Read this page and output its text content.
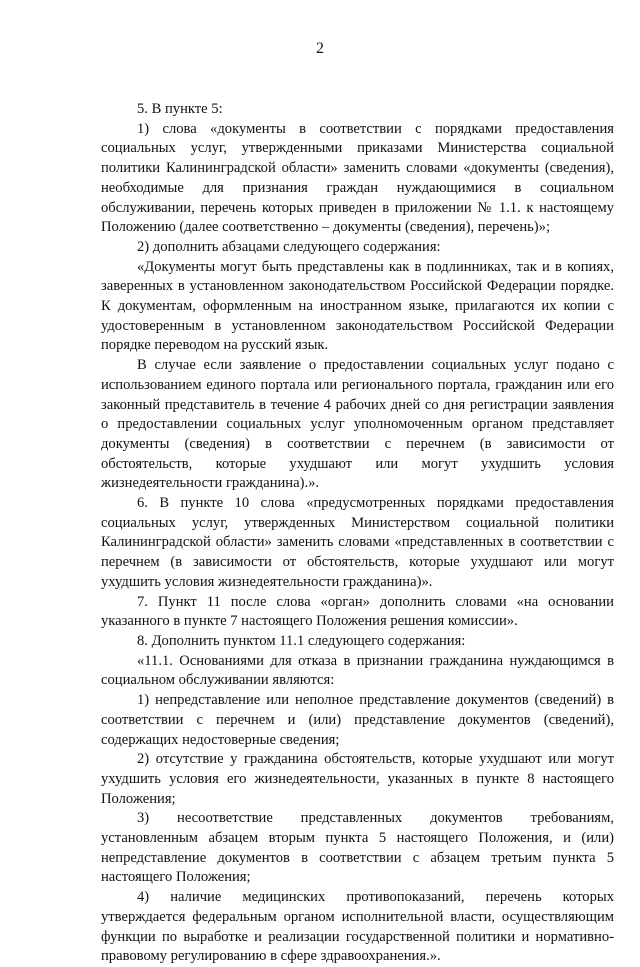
2

5. В пункте 5:

1) слова «документы в соответствии с порядками предоставления социальных услуг, утвержденными приказами Министерства социальной политики Калининградской области» заменить словами «документы (сведения), необходимые для признания граждан нуждающимися в социальном обслуживании, перечень которых приведен в приложении № 1.1. к настоящему Положению (далее соответственно – документы (сведения), перечень)»;

2) дополнить абзацами следующего содержания:

«Документы могут быть представлены как в подлинниках, так и в копиях, заверенных в установленном законодательством Российской Федерации порядке. К документам, оформленным на иностранном языке, прилагаются их копии с удостоверенным в установленном законодательством Российской Федерации порядке переводом на русский язык.

В случае если заявление о предоставлении социальных услуг подано с использованием единого портала или регионального портала, гражданин или его законный представитель в течение 4 рабочих дней со дня регистрации заявления о предоставлении социальных услуг уполномоченным органом представляет документы (сведения) в соответствии с перечнем (в зависимости от обстоятельств, которые ухудшают или могут ухудшить условия жизнедеятельности гражданина).».

6. В пункте 10 слова «предусмотренных порядками предоставления социальных услуг, утвержденных Министерством социальной политики Калининградской области» заменить словами «представленных в соответствии с перечнем (в зависимости от обстоятельств, которые ухудшают или могут ухудшить условия жизнедеятельности гражданина)».

7. Пункт 11 после слова «орган» дополнить словами «на основании указанного в пункте 7 настоящего Положения решения комиссии».

8. Дополнить пунктом 11.1 следующего содержания:

«11.1. Основаниями для отказа в признании гражданина нуждающимся в социальном обслуживании являются:

1) непредставление или неполное представление документов (сведений) в соответствии с перечнем и (или) представление документов (сведений), содержащих недостоверные сведения;

2) отсутствие у гражданина обстоятельств, которые ухудшают или могут ухудшить условия его жизнедеятельности, указанных в пункте 8 настоящего Положения;

3) несоответствие представленных документов требованиям, установленным абзацем вторым пункта 5 настоящего Положения, и (или) непредставление документов в соответствии с абзацем третьим пункта 5 настоящего Положения;

4) наличие медицинских противопоказаний, перечень которых утверждается федеральным органом исполнительной власти, осуществляющим функции по выработке и реализации государственной политики и нормативно-правовому регулированию в сфере здравоохранения.».
